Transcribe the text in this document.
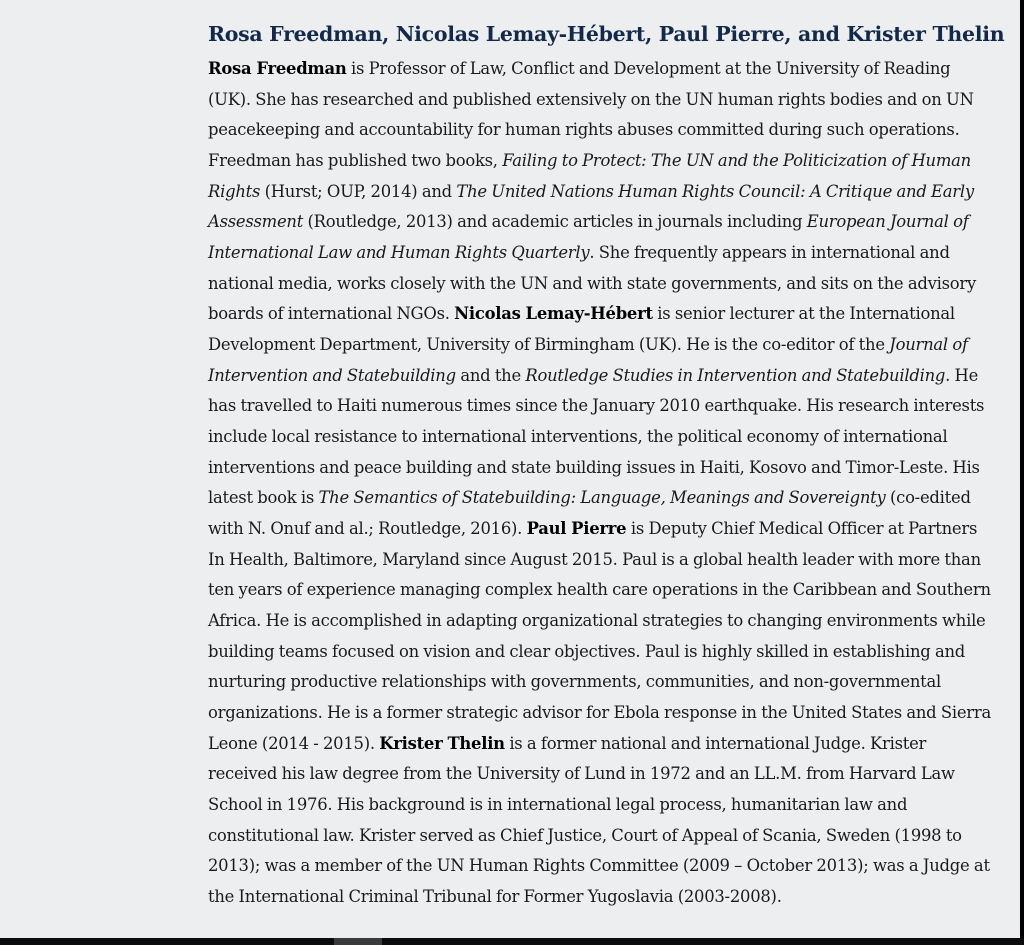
Rosa Freedman, Nicolas Lemay-Hébert, Paul Pierre, and Krister Thelin

Rosa Freedman is Professor of Law, Conflict and Development at the University of Reading (UK). She has researched and published extensively on the UN human rights bodies and on UN peacekeeping and accountability for human rights abuses committed during such operations. Freedman has published two books, Failing to Protect: The UN and the Politicization of Human Rights (Hurst; OUP, 2014) and The United Nations Human Rights Council: A Critique and Early Assessment (Routledge, 2013) and academic articles in journals including European Journal of International Law and Human Rights Quarterly. She frequently appears in international and national media, works closely with the UN and with state governments, and sits on the advisory boards of international NGOs. Nicolas Lemay-Hébert is senior lecturer at the International Development Department, University of Birmingham (UK). He is the co-editor of the Journal of Intervention and Statebuilding and the Routledge Studies in Intervention and Statebuilding. He has travelled to Haiti numerous times since the January 2010 earthquake. His research interests include local resistance to international interventions, the political economy of international interventions and peace building and state building issues in Haiti, Kosovo and Timor-Leste. His latest book is The Semantics of Statebuilding: Language, Meanings and Sovereignty (co-edited with N. Onuf and al.; Routledge, 2016). Paul Pierre is Deputy Chief Medical Officer at Partners In Health, Baltimore, Maryland since August 2015. Paul is a global health leader with more than ten years of experience managing complex health care operations in the Caribbean and Southern Africa. He is accomplished in adapting organizational strategies to changing environments while building teams focused on vision and clear objectives. Paul is highly skilled in establishing and nurturing productive relationships with governments, communities, and non-governmental organizations. He is a former strategic advisor for Ebola response in the United States and Sierra Leone (2014 - 2015). Krister Thelin is a former national and international Judge. Krister received his law degree from the University of Lund in 1972 and an LL.M. from Harvard Law School in 1976. His background is in international legal process, humanitarian law and constitutional law. Krister served as Chief Justice, Court of Appeal of Scania, Sweden (1998 to 2013); was a member of the UN Human Rights Committee (2009 – October 2013); was a Judge at the International Criminal Tribunal for Former Yugoslavia (2003-2008).
